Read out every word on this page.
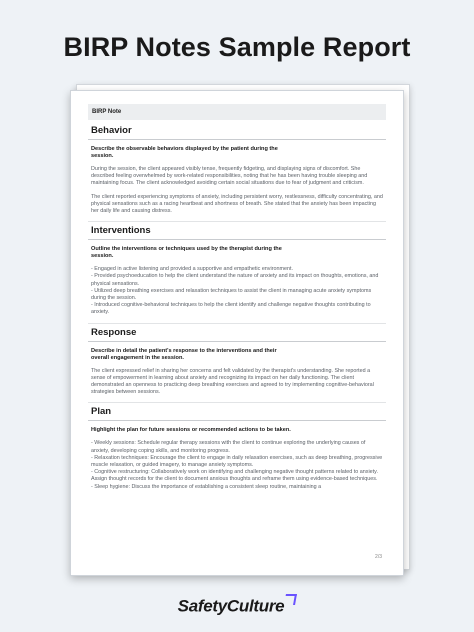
BIRP Notes Sample Report
BIRP Note
Behavior
Describe the observable behaviors displayed by the patient during the session.
During the session, the client appeared visibly tense, frequently fidgeting, and displaying signs of discomfort. She described feeling overwhelmed by work-related responsibilities, noting that he has been having trouble sleeping and maintaining focus. The client acknowledged avoiding certain social situations due to fear of judgment and criticism.
The client reported experiencing symptoms of anxiety, including persistent worry, restlessness, difficulty concentrating, and physical sensations such as a racing heartbeat and shortness of breath. She stated that the anxiety has been impacting her daily life and causing distress.
Interventions
Outline the interventions or techniques used by the therapist during the session.
- Engaged in active listening and provided a supportive and empathetic environment.
- Provided psychoeducation to help the client understand the nature of anxiety and its impact on thoughts, emotions, and physical sensations.
- Utilized deep breathing exercises and relaxation techniques to assist the client in managing acute anxiety symptoms during the session.
- Introduced cognitive-behavioral techniques to help the client identify and challenge negative thoughts contributing to anxiety.
Response
Describe in detail the patient's response to the interventions and their overall engagement in the session.
The client expressed relief in sharing her concerns and felt validated by the therapist's understanding. She reported a sense of empowerment in learning about anxiety and recognizing its impact on her daily functioning. The client demonstrated an openness to practicing deep breathing exercises and agreed to try implementing cognitive-behavioral strategies between sessions.
Plan
Highlight the plan for future sessions or recommended actions to be taken.
- Weekly sessions: Schedule regular therapy sessions with the client to continue exploring the underlying causes of anxiety, developing coping skills, and monitoring progress.
- Relaxation techniques: Encourage the client to engage in daily relaxation exercises, such as deep breathing, progressive muscle relaxation, or guided imagery, to manage anxiety symptoms.
- Cognitive restructuring: Collaboratively work on identifying and challenging negative thought patterns related to anxiety. Assign thought records for the client to document anxious thoughts and reframe them using evidence-based techniques.
- Sleep hygiene: Discuss the importance of establishing a consistent sleep routine, maintaining a
2/3
SafetyCulture
